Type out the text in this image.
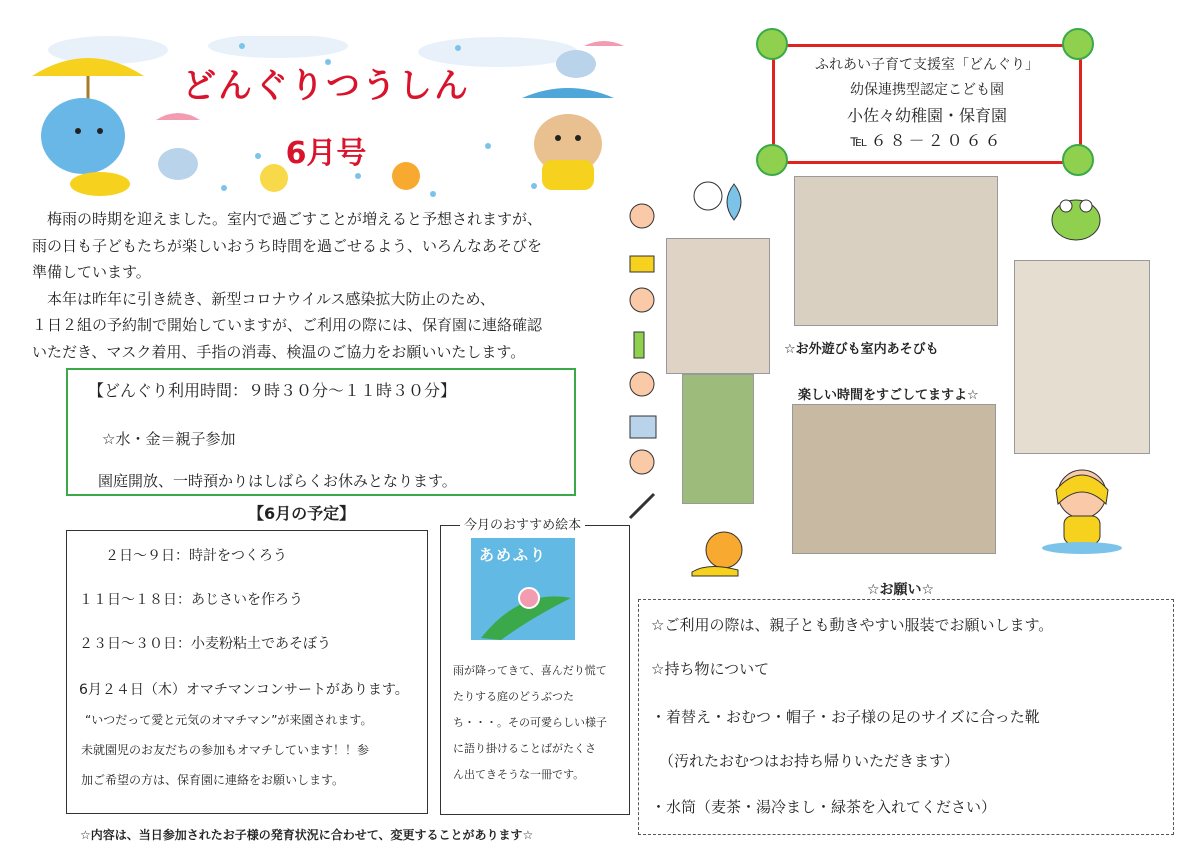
どんぐりつうしん
6月号

　梅雨の時期を迎えました。室内で過ごすことが増えると予想されますが、

雨の日も子どもたちが楽しいおうち時間を過ごせるよう、いろんなあそびを

準備しています。

　本年は昨年に引き続き、新型コロナウイルス感染拡大防止のため、

１日２組の予約制で開始していますが、ご利用の際には、保育園に連絡確認

いただき、マスク着用、手指の消毒、検温のご協力をお願いいたします。

【どんぐり利用時間：９時３０分～１１時３０分】
☆水・金＝親子参加
園庭開放、一時預かりはしばらくお休みとなります。
【6月の予定】
２日～９日：時計をつくろう
１１日～１８日：あじさいを作ろう
２３日～３０日：小麦粉粘土であそぼう
6月２４日（木）オマチマンコンサートがあります。
“いつだって愛と元気のオマチマン”が来園されます。
未就園児のお友だちの参加もオマチしています！！参
加ご希望の方は、保育園に連絡をお願いします。
あめふり
雨が降ってきて、喜んだり慌て
たりする庭のどうぶつた
ち・・・。その可愛らしい様子
に語り掛けることばがたくさ
ん出てきそうな一冊です。
今月のおすすめ絵本
☆内容は、当日参加されたお子様の発育状況に合わせて、変更することがあります☆
ふれあい子育て支援室「どんぐり」
幼保連携型認定こども園
小佐々幼稚園・保育園
℡６８－２０６６
☆お外遊びも室内あそびも
楽しい時間をすごしてますよ☆
☆お願い☆
☆ご利用の際は、親子とも動きやすい服装でお願いします。
☆持ち物について
・着替え・おむつ・帽子・お子様の足のサイズに合った靴
（汚れたおむつはお持ち帰りいただきます）
・水筒（麦茶・湯冷まし・緑茶を入れてください）
